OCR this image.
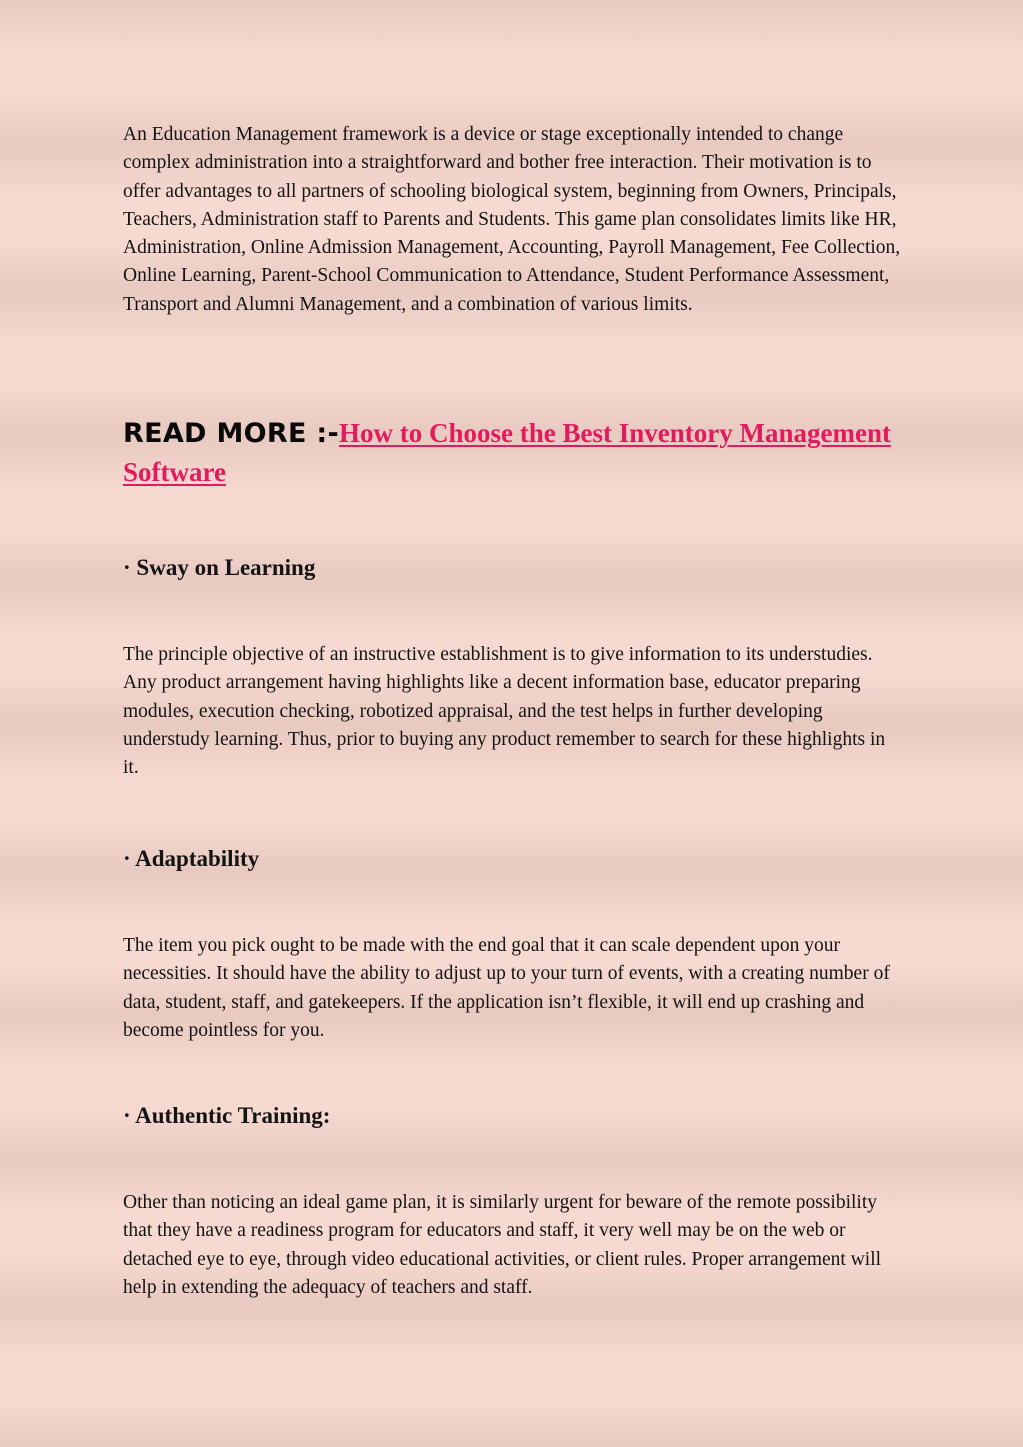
An Education Management framework is a device or stage exceptionally intended to change complex administration into a straightforward and bother free interaction. Their motivation is to offer advantages to all partners of schooling biological system, beginning from Owners, Principals, Teachers, Administration staff to Parents and Students. This game plan consolidates limits like HR, Administration, Online Admission Management, Accounting, Payroll Management, Fee Collection, Online Learning, Parent-School Communication to Attendance, Student Performance Assessment, Transport and Alumni Management, and a combination of various limits.

READ MORE :-How to Choose the Best Inventory Management Software

· Sway on Learning

The principle objective of an instructive establishment is to give information to its understudies. Any product arrangement having highlights like a decent information base, educator preparing modules, execution checking, robotized appraisal, and the test helps in further developing understudy learning. Thus, prior to buying any product remember to search for these highlights in it.

· Adaptability

The item you pick ought to be made with the end goal that it can scale dependent upon your necessities. It should have the ability to adjust up to your turn of events, with a creating number of data, student, staff, and gatekeepers. If the application isn’t flexible, it will end up crashing and become pointless for you.

· Authentic Training:

Other than noticing an ideal game plan, it is similarly urgent for beware of the remote possibility that they have a readiness program for educators and staff, it very well may be on the web or detached eye to eye, through video educational activities, or client rules. Proper arrangement will help in extending the adequacy of teachers and staff.
